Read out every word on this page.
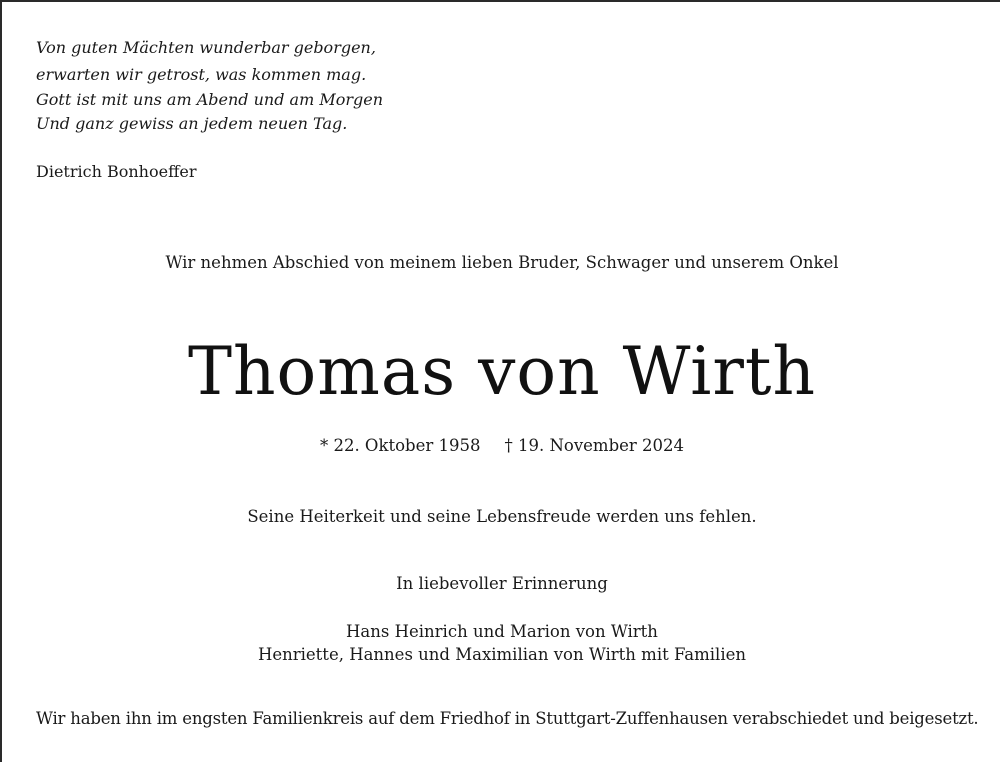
Von guten Mächten wunderbar geborgen,
erwarten wir getrost, was kommen mag.
Gott ist mit uns am Abend und am Morgen
Und ganz gewiss an jedem neuen Tag.
Dietrich Bonhoeffer
Wir nehmen Abschied von meinem lieben Bruder, Schwager und unserem Onkel
Thomas von Wirth
* 22. Oktober 1958 † 19. November 2024
Seine Heiterkeit und seine Lebensfreude werden uns fehlen.
In liebevoller Erinnerung
Hans Heinrich und Marion von Wirth
Henriette, Hannes und Maximilian von Wirth mit Familien
Wir haben ihn im engsten Familienkreis auf dem Friedhof in Stuttgart-Zuffenhausen verabschiedet und beigesetzt.
